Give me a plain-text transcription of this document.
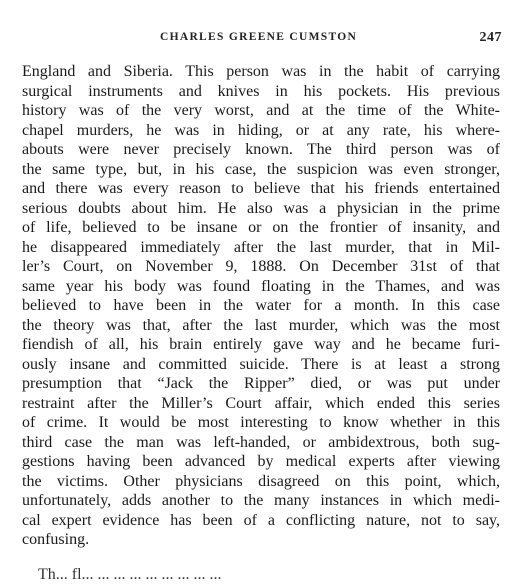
CHARLES GREENE CUMSTON	247
England and Siberia. This person was in the habit of carrying
surgical instruments and knives in his pockets. His previous
history was of the very worst, and at the time of the White-
chapel murders, he was in hiding, or at any rate, his where-
abouts were never precisely known. The third person was of
the same type, but, in his case, the suspicion was even stronger,
and there was every reason to believe that his friends entertained
serious doubts about him. He also was a physician in the prime
of life, believed to be insane or on the frontier of insanity, and
he disappeared immediately after the last murder, that in Mil-
ler’s Court, on November 9, 1888. On December 31st of that
same year his body was found floating in the Thames, and was
believed to have been in the water for a month. In this case
the theory was that, after the last murder, which was the most
fiendish of all, his brain entirely gave way and he became furi-
ously insane and committed suicide. There is at least a strong
presumption that “Jack the Ripper” died, or was put under
restraint after the Miller’s Court affair, which ended this series
of crime. It would be most interesting to know whether in this
third case the man was left-handed, or ambidextrous, both sug-
gestions having been advanced by medical experts after viewing
the victims. Other physicians disagreed on this point, which,
unfortunately, adds another to the many instances in which medi-
cal expert evidence has been of a conflicting nature, not to say,
confusing.
Th... fl... ... ... ... ... ... ... ... ...
